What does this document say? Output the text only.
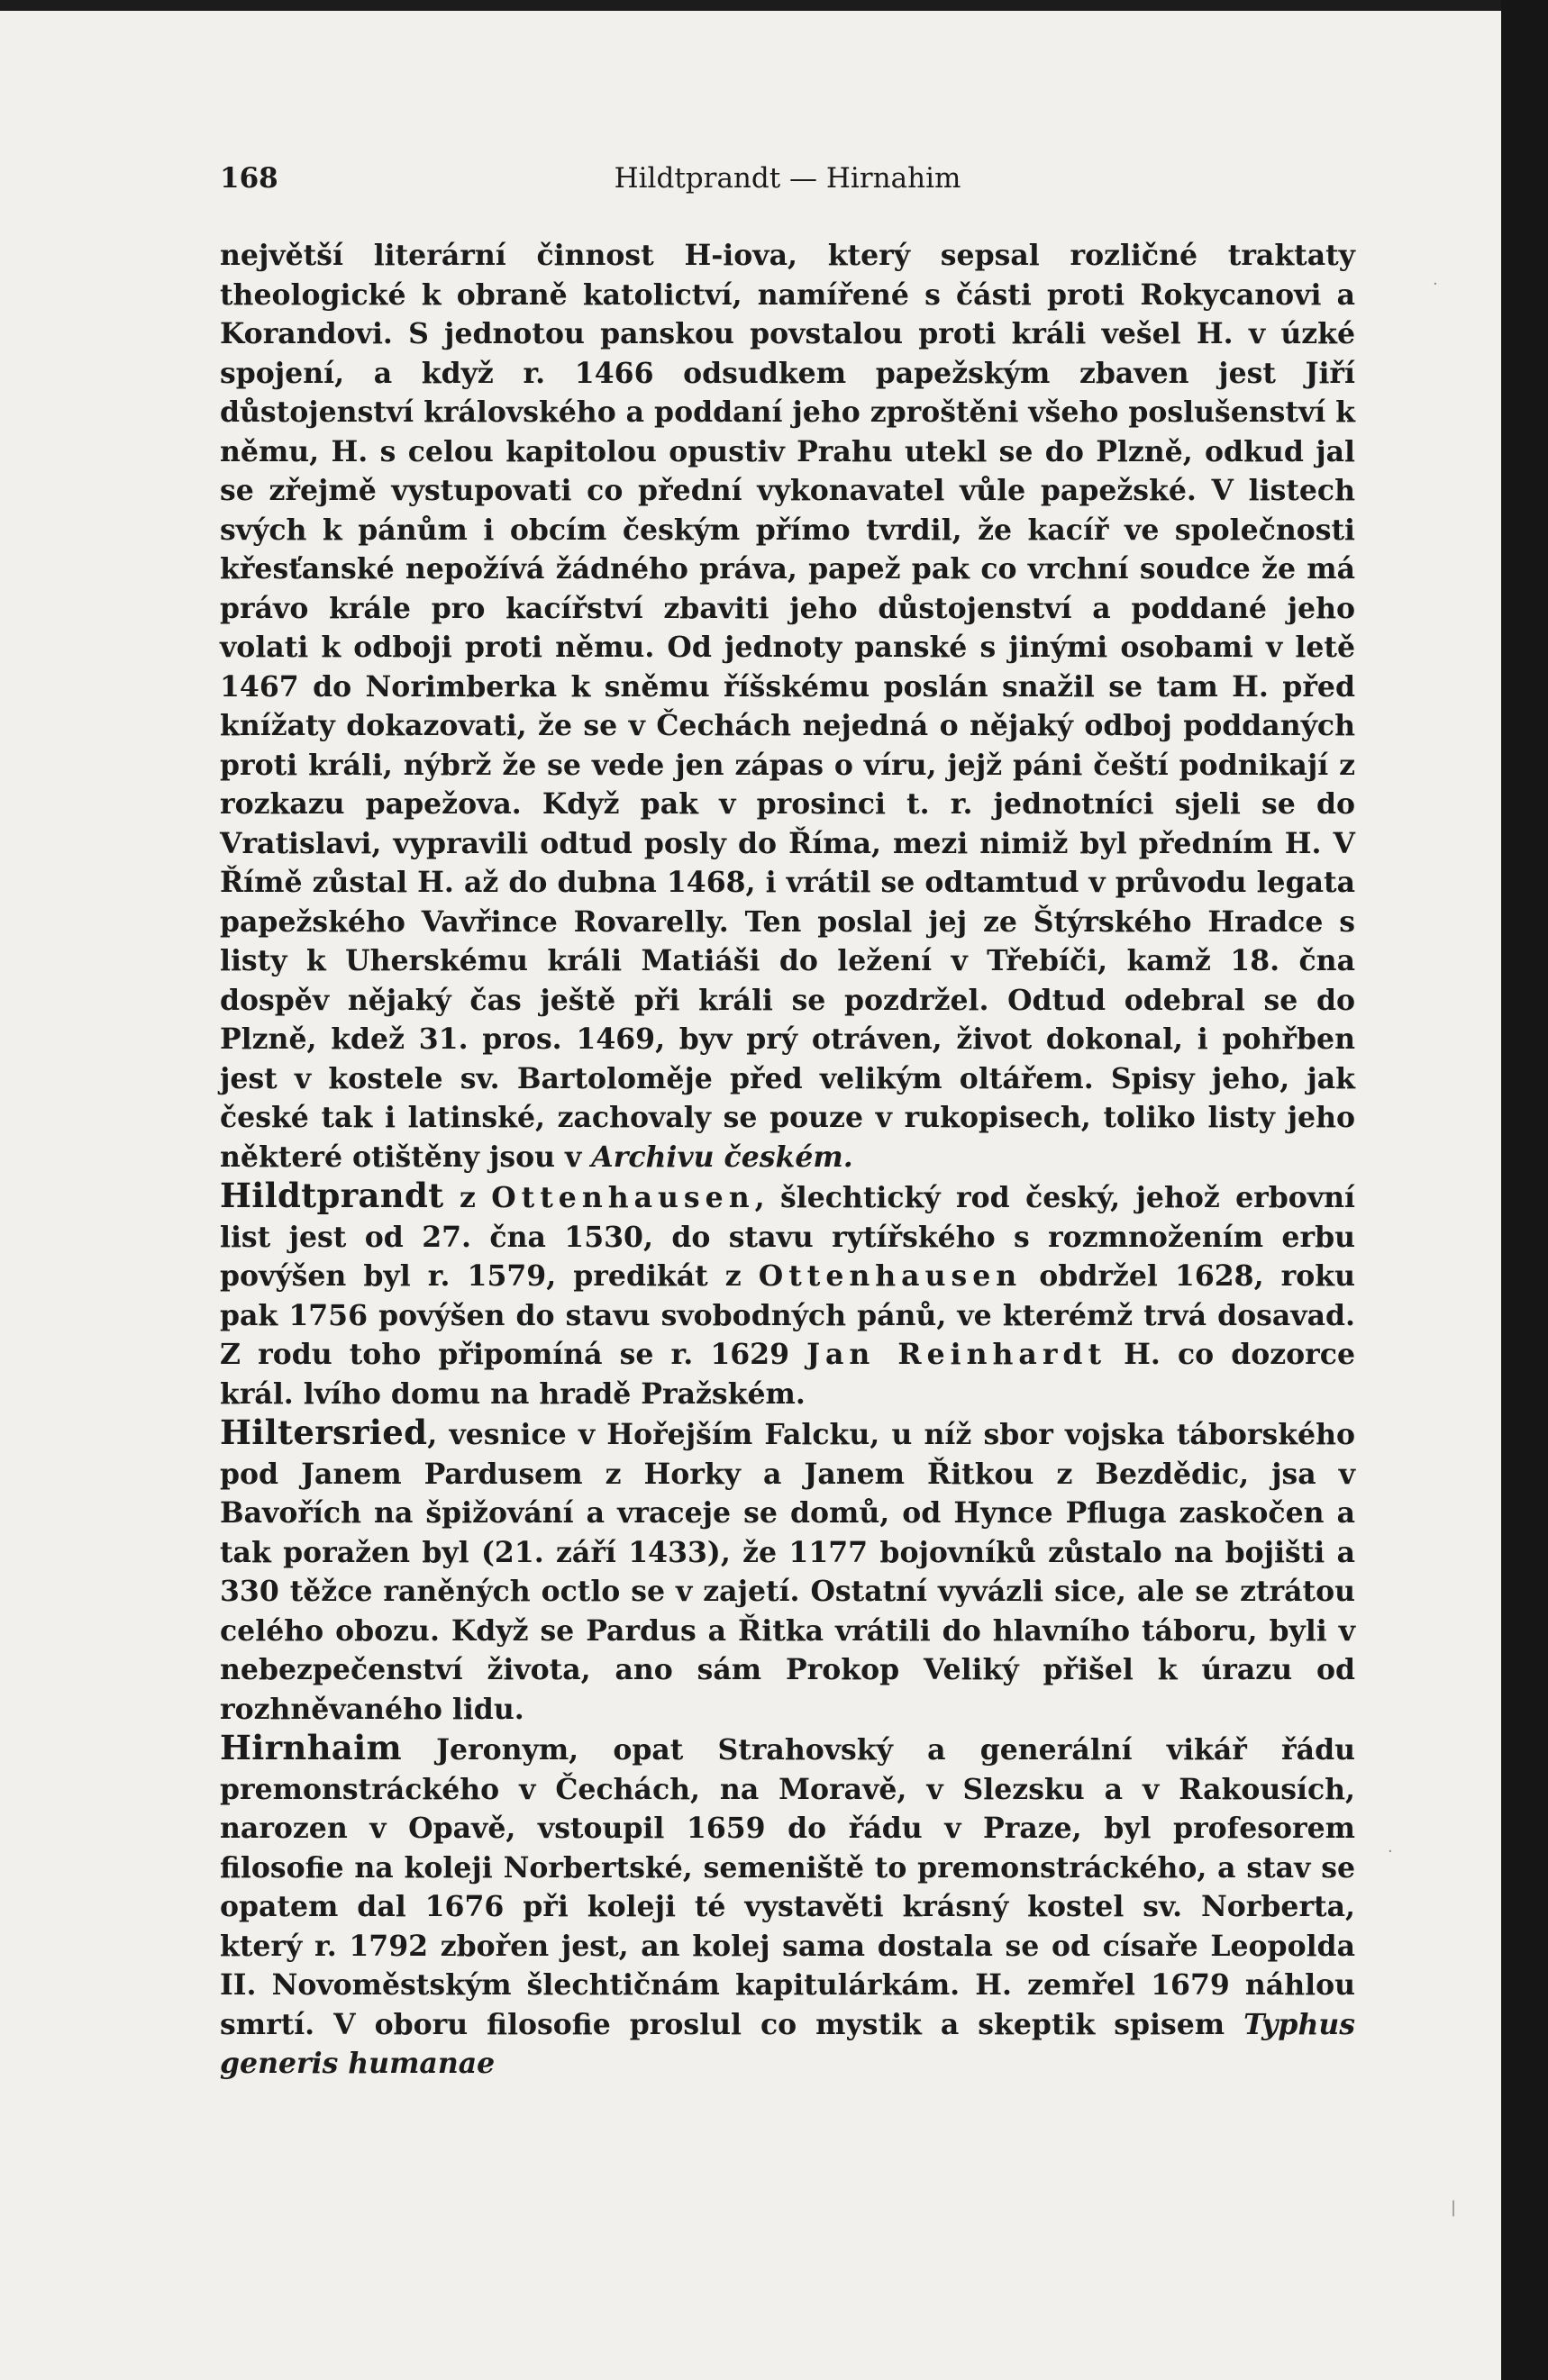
168	Hildtprandt — Hirnahim

největší literární činnost H-iova, který sepsal rozličné traktaty theologické k obraně katolictví, namířené s části proti Rokycanovi a Korandovi. S jednotou panskou povstalou proti králi vešel H. v úzké spojení, a když r. 1466 odsudkem papežským zbaven jest Jiří důstojenství královského a poddaní jeho zproštěni všeho poslušenství k němu, H. s celou kapitolou opustiv Prahu utekl se do Plzně, odkud jal se zřejmě vystupovati co přední vykonavatel vůle papežské. V listech svých k pánům i obcím českým přímo tvrdil, že kacíř ve společnosti křesťanské nepožívá žádného práva, papež pak co vrchní soudce že má právo krále pro kacířství zbaviti jeho důstojenství a poddané jeho volati k odboji proti němu. Od jednoty panské s jinými osobami v letě 1467 do Norimberka k sněmu říšskému poslán snažil se tam H. před knížaty dokazovati, že se v Čechách nejedná o nějaký odboj poddaných proti králi, nýbrž že se vede jen zápas o víru, jejž páni čeští podnikají z rozkazu papežova. Když pak v prosinci t. r. jednotníci sjeli se do Vratislavi, vypravili odtud posly do Říma, mezi nimiž byl předním H. V Římě zůstal H. až do dubna 1468, i vrátil se odtamtud v průvodu legata papežského Vavřince Rovarelly. Ten poslal jej ze Štýrského Hradce s listy k Uherskému králi Matiáši do ležení v Třebíči, kamž 18. čna dospěv nějaký čas ještě při králi se pozdržel. Odtud odebral se do Plzně, kdež 31. pros. 1469, byv prý otráven, život dokonal, i pohřben jest v kostele sv. Bartoloměje před velikým oltářem. Spisy jeho, jak české tak i latinské, zachovaly se pouze v rukopisech, toliko listy jeho některé otištěny jsou v Archivu českém.

Hildtprandt z Ottenhausen, šlechtický rod český, jehož erbovní list jest od 27. čna 1530, do stavu rytířského s rozmnožením erbu povýšen byl r. 1579, predikát z Ottenhausen obdržel 1628, roku pak 1756 povýšen do stavu svobodných pánů, ve kterémž trvá dosavad. Z rodu toho připomíná se r. 1629 Jan Reinhardt H. co dozorce král. lvího domu na hradě Pražském.

Hiltersried, vesnice v Hořejším Falcku, u níž sbor vojska táborského pod Janem Pardusem z Horky a Janem Řitkou z Bezdědic, jsa v Bavořích na špižování a vraceje se domů, od Hynce Pfluga zaskočen a tak poražen byl (21. září 1433), že 1177 bojovníků zůstalo na bojišti a 330 těžce raněných octlo se v zajetí. Ostatní vyvázli sice, ale se ztrátou celého obozu. Když se Pardus a Řitka vrátili do hlavního táboru, byli v nebezpečenství života, ano sám Prokop Veliký přišel k úrazu od rozhněvaného lidu.

Hirnhaim Jeronym, opat Strahovský a generální vikář řádu premonstráckého v Čechách, na Moravě, v Slezsku a v Rakousích, narozen v Opavě, vstoupil 1659 do řádu v Praze, byl profesorem filosofie na koleji Norbertské, semeniště to premonstráckého, a stav se opatem dal 1676 při koleji té vystavěti krásný kostel sv. Norberta, který r. 1792 zbořen jest, an kolej sama dostala se od císaře Leopolda II. Novoměstským šlechtičnám kapitulárkám. H. zemřel 1679 náhlou smrtí. V oboru filosofie proslul co mystik a skeptik spisem Typhus generis humanae

.
.
|
